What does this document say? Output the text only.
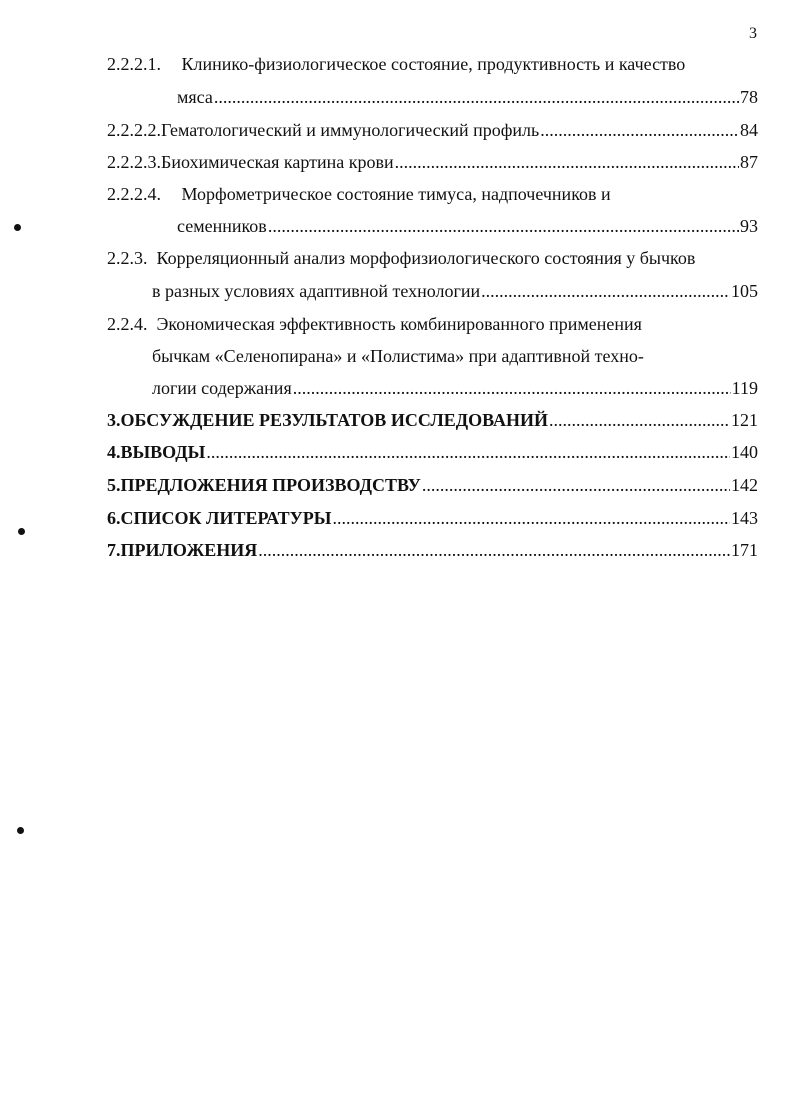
3
2.2.2.1. Клинико-физиологическое состояние, продуктивность и качество
мяса .....	78
2.2.2.2. Гематологический и иммунологический профиль .....	84
2.2.2.3. Биохимическая картина крови .....	87
2.2.2.4. Морфометрическое состояние тимуса, надпочечников и
семенников .....	93
2.2.3. Корреляционный анализ морфофизиологического состояния у бычков
в разных условиях адаптивной технологии .....	105
2.2.4. Экономическая эффективность комбинированного применения
бычкам «Селенопирана» и «Полистима» при адаптивной техно-
логии содержания .....	119
3. ОБСУЖДЕНИЕ РЕЗУЛЬТАТОВ ИССЛЕДОВАНИЙ .....	121
4. ВЫВОДЫ .....	140
5. ПРЕДЛОЖЕНИЯ ПРОИЗВОДСТВУ .....	142
6. СПИСОК ЛИТЕРАТУРЫ .....	143
7. ПРИЛОЖЕНИЯ .....	171
